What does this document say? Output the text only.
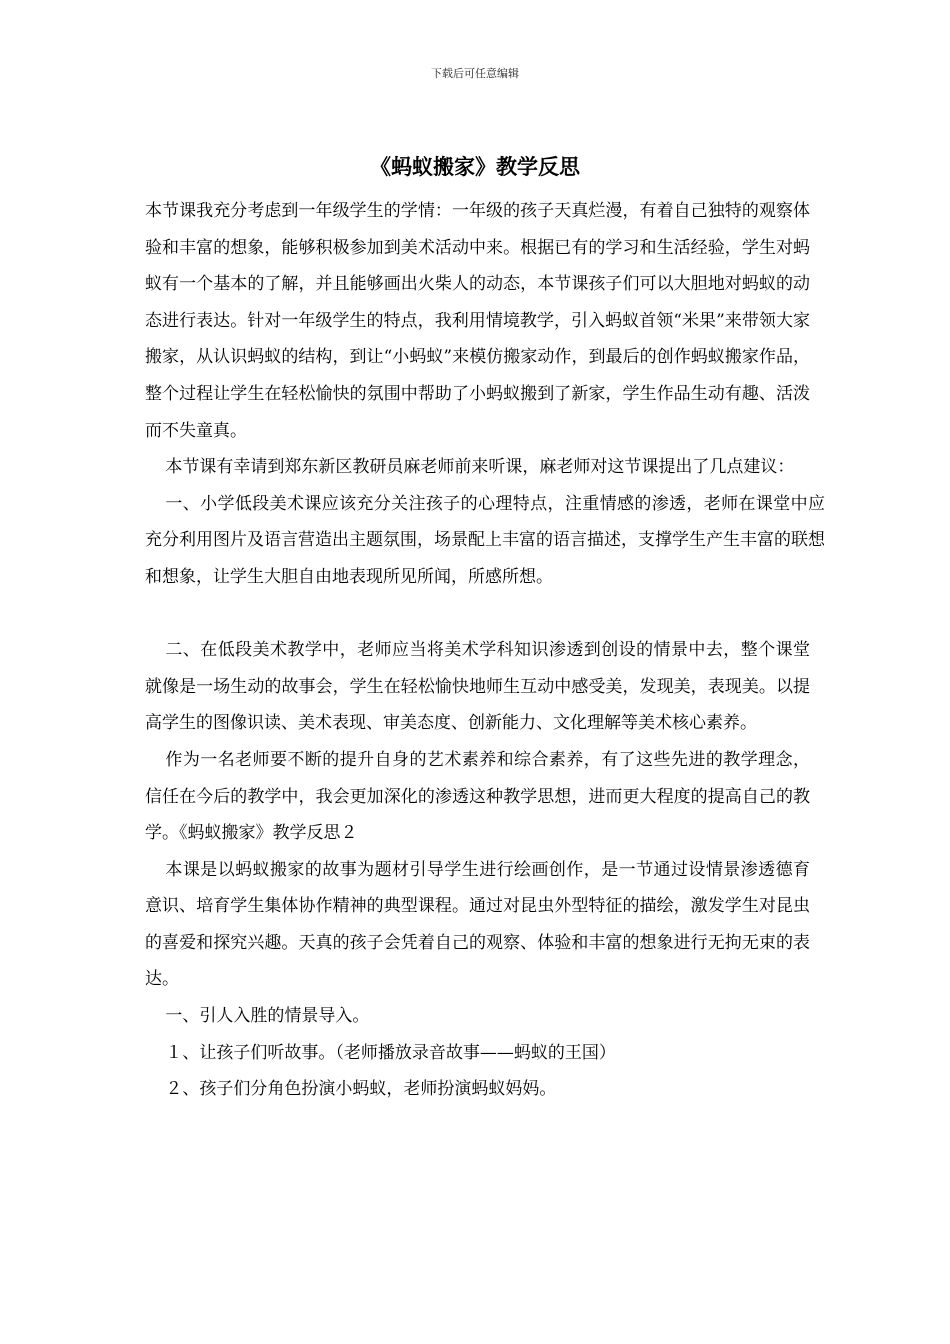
下载后可任意编辑
《蚂蚁搬家》教学反思

本节课我充分考虑到一年级学生的学情：一年级的孩子天真烂漫，有着自己独特的观察体验和丰富的想象，能够积极参加到美术活动中来。根据已有的学习和生活经验，学生对蚂蚁有一个基本的了解，并且能够画出火柴人的动态，本节课孩子们可以大胆地对蚂蚁的动态进行表达。针对一年级学生的特点，我利用情境教学，引入蚂蚁首领“米果”来带领大家搬家，从认识蚂蚁的结构，到让“小蚂蚁”来模仿搬家动作，到最后的创作蚂蚁搬家作品，整个过程让学生在轻松愉快的氛围中帮助了小蚂蚁搬到了新家，学生作品生动有趣、活泼而不失童真。

本节课有幸请到郑东新区教研员麻老师前来听课，麻老师对这节课提出了几点建议：

一、小学低段美术课应该充分关注孩子的心理特点，注重情感的渗透，老师在课堂中应充分利用图片及语言营造出主题氛围，场景配上丰富的语言描述，支撑学生产生丰富的联想和想象，让学生大胆自由地表现所见所闻，所感所想。

二、在低段美术教学中，老师应当将美术学科知识渗透到创设的情景中去，整个课堂就像是一场生动的故事会，学生在轻松愉快地师生互动中感受美，发现美，表现美。以提高学生的图像识读、美术表现、审美态度、创新能力、文化理解等美术核心素养。

作为一名老师要不断的提升自身的艺术素养和综合素养，有了这些先进的教学理念，信任在今后的教学中，我会更加深化的渗透这种教学思想，进而更大程度的提高自己的教学。《蚂蚁搬家》教学反思２

本课是以蚂蚁搬家的故事为题材引导学生进行绘画创作，是一节通过设情景渗透德育意识、培育学生集体协作精神的典型课程。通过对昆虫外型特征的描绘，激发学生对昆虫的喜爱和探究兴趣。天真的孩子会凭着自己的观察、体验和丰富的想象进行无拘无束的表达。

一、引人入胜的情景导入。

１、让孩子们听故事。（老师播放录音故事——蚂蚁的王国）

２、孩子们分角色扮演小蚂蚁，老师扮演蚂蚁妈妈。
